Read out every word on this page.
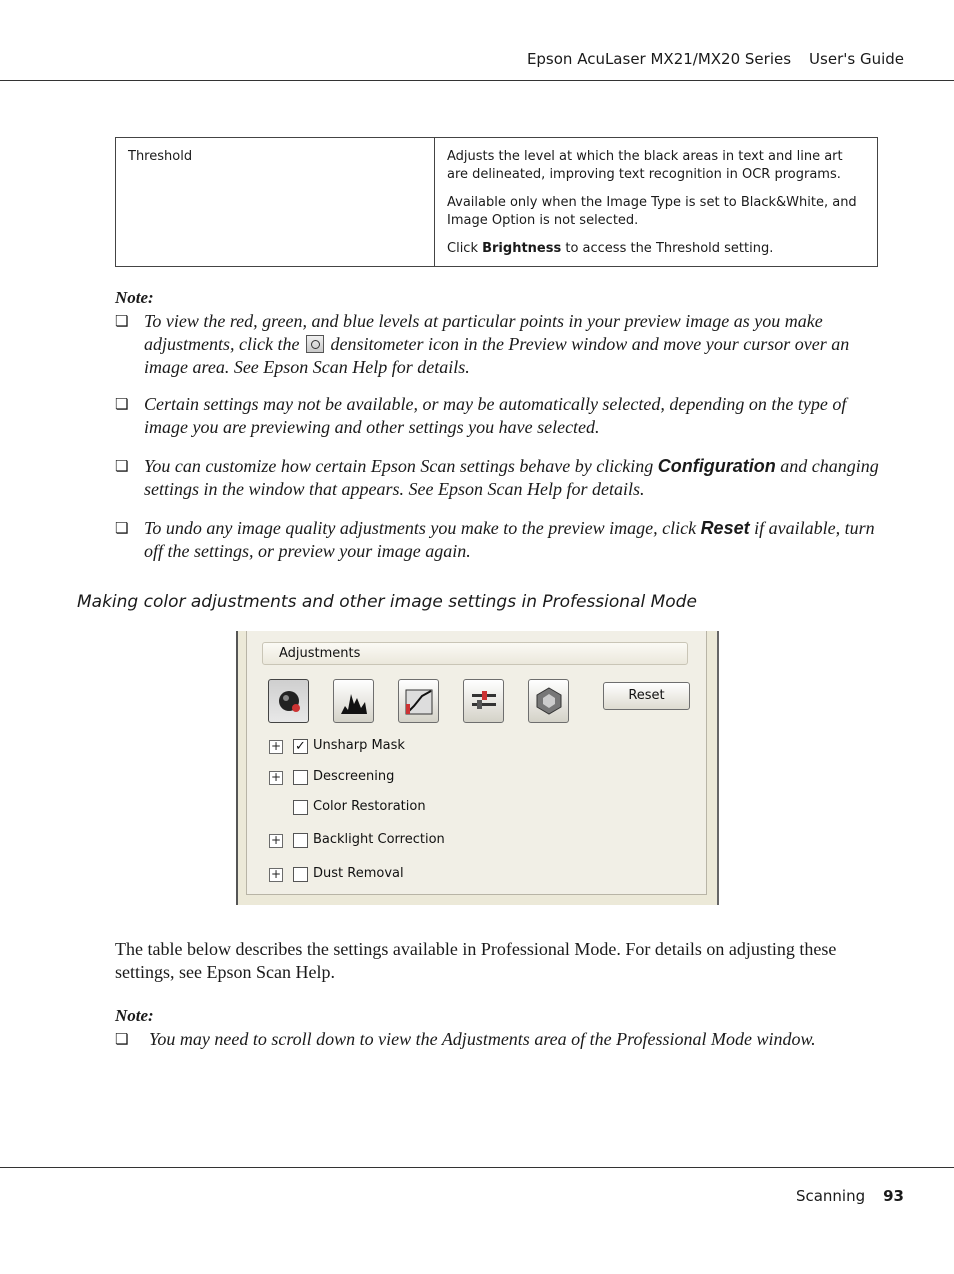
Epson AcuLaser MX21/MX20 Series User's Guide
Threshold	Adjusts the level at which the black areas in text and line art are delineated, improving text recognition in OCR programs.

Available only when the Image Type is set to Black&White, and Image Option is not selected.

Click Brightness to access the Threshold setting.

Note:
❏ To view the red, green, and blue levels at particular points in your preview image as you make adjustments, click the  densitometer icon in the Preview window and move your cursor over an image area. See Epson Scan Help for details.
❏ Certain settings may not be available, or may be automatically selected, depending on the type of image you are previewing and other settings you have selected.
❏ You can customize how certain Epson Scan settings behave by clicking Configuration and changing settings in the window that appears. See Epson Scan Help for details.
❏ To undo any image quality adjustments you make to the preview image, click Reset if available, turn off the settings, or preview your image again.
Making color adjustments and other image settings in Professional Mode
Adjustments
Reset
+ ✓ Unsharp Mask
+ Descreening
Color Restoration
+ Backlight Correction
+ Dust Removal
The table below describes the settings available in Professional Mode. For details on adjusting these settings, see Epson Scan Help.
Note:
❏ You may need to scroll down to view the Adjustments area of the Professional Mode window.
Scanning 93
